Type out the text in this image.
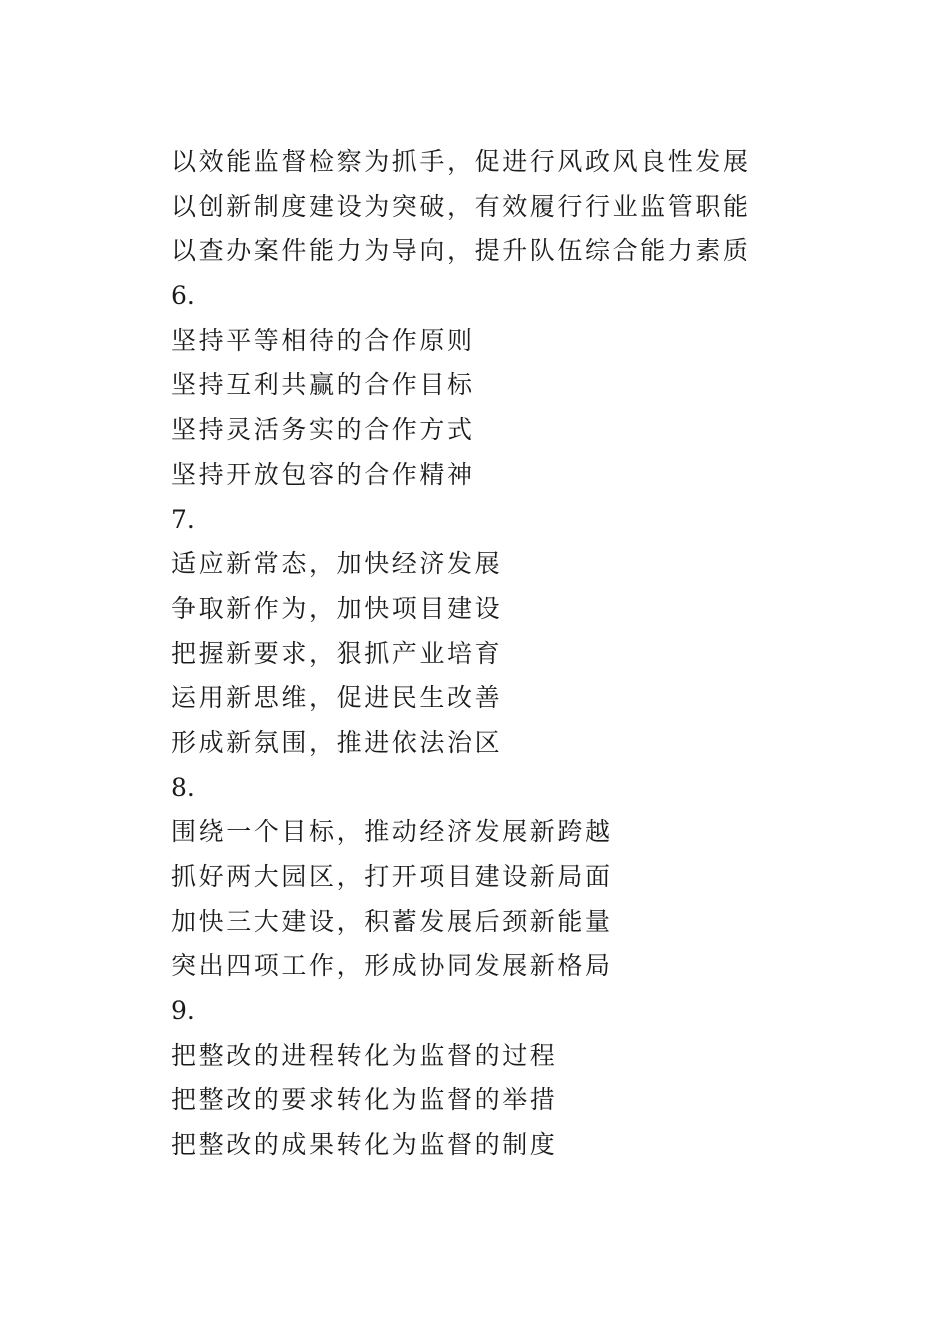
以效能监督检察为抓手，促进行风政风良性发展
以创新制度建设为突破，有效履行行业监管职能
以查办案件能力为导向，提升队伍综合能力素质
6.
坚持平等相待的合作原则
坚持互利共赢的合作目标
坚持灵活务实的合作方式
坚持开放包容的合作精神
7.
适应新常态，加快经济发展
争取新作为，加快项目建设
把握新要求，狠抓产业培育
运用新思维，促进民生改善
形成新氛围，推进依法治区
8.
围绕一个目标，推动经济发展新跨越
抓好两大园区，打开项目建设新局面
加快三大建设，积蓄发展后颈新能量
突出四项工作，形成协同发展新格局
9.
把整改的进程转化为监督的过程
把整改的要求转化为监督的举措
把整改的成果转化为监督的制度
